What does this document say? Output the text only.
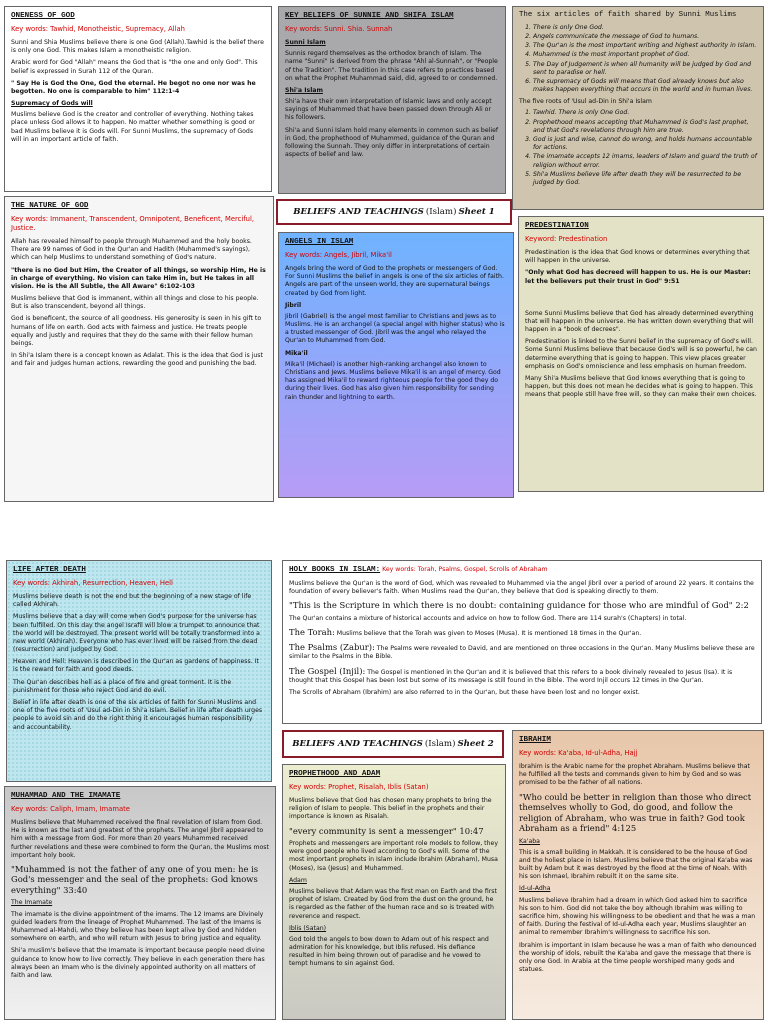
ONENESS OF GOD
Key words: Tawhid, Monotheistic, Supremacy, Allah

Sunni and Shia Muslims believe there is one God (Allah).Tawhid is the belief there is only one God. This makes Islam a monotheistic religion.

Arabic word for God "Allah" means the God that is "the one and only God". This belief is expressed in Surah 112 of the Quran.

" Say He is God the One, God the eternal. He begot no one nor was he begotten. No one is comparable to him" 112:1-4

Supremacy of Gods will

Muslims believe God is the creator and controller of everything. Nothing takes place unless God allows it to happen. No matter whether something is good or bad Muslims believe it is Gods will. For Sunni Muslims, the supremacy of Gods will in an important article of faith.

KEY BELIEFS OF SUNNIE AND SHIFA ISLAM
Key words: Sunni. Shia. Sunnah
Sunni Islam

Sunnis regard themselves as the orthodox branch of Islam. The name "Sunni" is derived from the phrase "Ahl al-Sunnah", or "People of the Tradition". The tradition in this case refers to practices based on what the Prophet Muhammad said, did, agreed to or condemned.

Shi'a Islam

Shi'a have their own interpretation of Islamic laws and only accept sayings of Muhammed that have been passed down through Ali or his followers.

Shi'a and Sunni Islam hold many elements in common such as belief in God, the prophethood of Muhammed, guidance of the Quran and following the Sunnah. They only differ in interpretations of certain aspects of belief and law.

The six articles of faith shared by Sunni Muslims
1. There is only One God.
2. Angels communicate the message of God to humans.
3. The Qur'an is the most important writing and highest authority in Islam.
4. Muhammed is the most important prophet of God.
5. The Day of Judgement is when all humanity will be judged by God and sent to paradise or hell.
6. The supremacy of Gods will means that God already knows but also makes happen everything that occurs in the world and in human lives.
The five roots of 'Usul ad-Din in Shi'a Islam
1. Tawhid. There is only One God.
2. Prophethood means accepting that Muhammed is God's last prophet, and that God's revelations through him are true.
3. God is just and wise, cannot do wrong, and holds humans accountable for actions.
4. The imamate accepts 12 imams, leaders of Islam and guard the truth of religion without error.
5. Shi'a Muslims believe life after death they will be resurrected to be judged by God.
THE NATURE OF GOD
Key words: Immanent, Transcendent, Omnipotent, Beneficent, Merciful, Justice.

Allah has revealed himself to people through Muhammed and the holy books. There are 99 names of God in the Qur'an and Hadith (Muhammed's sayings), which can help Muslims to understand something of God's nature.

"there is no God but Him, the Creator of all things, so worship Him, He is in charge of everything. No vision can take Him in, but He takes in all vision. He is the All Subtle, the All Aware" 6:102-103

Muslims believe that God is immanent, within all things and close to his people. But is also transcendent, beyond all things.

God is beneficent, the source of all goodness. His generosity is seen in his gift to humans of life on earth. God acts with fairness and justice. He treats people equally and justly and requires that they do the same with their fellow human beings.

In Shi'a Islam there is a concept known as Adalat. This is the idea that God is just and fair and judges human actions, rewarding the good and punishing the bad.

BELIEFS AND TEACHINGS (Islam) Sheet 1
ANGELS IN ISLAM
Key words: Angels, Jibril, Mika'il

Angels bring the word of God to the prophets or messengers of God. For Sunni Muslims the belief in angels is one of the six articles of faith. Angels are part of the unseen world, they are supernatural beings created by God from light.

Jibril

Jibril (Gabriel) is the angel most familiar to Christians and Jews as to Muslims. He is an archangel (a special angel with higher status) who is a trusted messenger of God. Jibril was the angel who relayed the Qur'an to Muhammed from God.

Mika'il

Mika'il (Michael) is another high-ranking archangel also known to Christians and Jews. Muslims believe Mika'il is an angel of mercy. God has assigned Mika'il to reward righteous people for the good they do during their lives. God has also given him responsibility for sending rain thunder and lightning to earth.

PREDESTINATION
Keyword: Predestination

Predestination is the idea that God knows or determines everything that will happen in the universe.

"Only what God has decreed will happen to us. He is our Master: let the believers put their trust in God" 9:51

Some Sunni Muslims believe that God has already determined everything that will happen in the universe. He has written down everything that will happen in a "book of decrees".

Predestination is linked to the Sunni belief in the supremacy of God's will. Some Sunni Muslims believe that because God's will is so powerful, he can determine everything that is going to happen. This view places greater emphasis on God's omniscience and less emphasis on human freedom.

Many Shi'a Muslims believe that God knows everything that is going to happen, but this does not mean he decides what is going to happen. This means that people still have free will, so they can make their own choices.

LIFE AFTER DEATH
Key words: Akhirah, Resurrection, Heaven, Hell

Muslims believe death is not the end but the beginning of a new stage of life called Akhirah.

Muslims believe that a day will come when God's purpose for the universe has been fulfilled. On this day the angel Israfil will blow a trumpet to announce that the world will be destroyed. The present world will be totally transformed into a new world (Akhirah). Everyone who has ever lived will be raised from the dead (resurrection) and judged by God.

Heaven and Hell: Heaven is described in the Qur'an as gardens of happiness. It is the reward for faith and good deeds.

The Qur'an describes hell as a place of fire and great torment. It is the punishment for those who reject God and do evil.

Belief in life after death is one of the six articles of faith for Sunni Muslims and one of the five roots of 'Usul ad-Din in Shi'a Islam. Belief in life after death urges people to avoid sin and do the right thing it encourages human responsibility and accountability.

HOLY BOOKS IN ISLAM: Key words: Torah, Psalms, Gospel, Scrolls of Abraham

Muslims believe the Qur'an is the word of God, which was revealed to Muhammed via the angel Jibril over a period of around 22 years. It contains the foundation of every believer's faith. When Muslims read the Qur'an, they believe that God is speaking directly to them.

"This is the Scripture in which there is no doubt: containing guidance for those who are mindful of God" 2:2

The Qur'an contains a mixture of historical accounts and advice on how to follow God. There are 114 surah's (Chapters) in total.

The Torah: Muslims believe that the Torah was given to Moses (Musa). It is mentioned 18 times in the Qur'an.

The Psalms (Zabur): The Psalms were revealed to David, and are mentioned on three occasions in the Qur'an. Many Muslims believe these are similar to the Psalms in the Bible.

The Gospel (Injil): The Gospel is mentioned in the Qur'an and it is believed that this refers to a book divinely revealed to Jesus (Isa). It is thought that this Gospel has been lost but some of its message is still found in the Bible. The word Injil occurs 12 times in the Qur'an.

The Scrolls of Abraham (Ibrahim) are also referred to in the Qur'an, but these have been lost and no longer exist.

BELIEFS AND TEACHINGS (Islam) Sheet 2
MUHAMMAD AND THE IMAMATE
Key words: Caliph, Imam, Imamate

Muslims believe that Muhammed received the final revelation of Islam from God. He is known as the last and greatest of the prophets. The angel Jibril appeared to him with a message from God. For more than 20 years Muhammed received further revelations and these were combined to form the Qur'an, the Muslims most important holy book.

"Muhammed is not the father of any one of you men: he is God's messenger and the seal of the prophets: God knows everything" 33:40

The Imamate

The imamate is the divine appointment of the imams. The 12 Imams are Divinely guided leaders from the lineage of Prophet Muhammed. The last of the Imams is Muhammed al-Mahdi, who they believe has been kept alive by God and hidden somewhere on earth, and who will return with Jesus to bring justice and equality.

Shi'a muslim's believe that the Imamate is important because people need divine guidance to know how to live correctly. They believe in each generation there has always been an Imam who is the divinely appointed authority on all matters of faith and law.

PROPHETHOOD AND ADAM
Key words: Prophet, Risalah, Iblis (Satan)

Muslims believe that God has chosen many prophets to bring the religion of Islam to people. This belief in the prophets and their importance is known as Risalah.

"every community is sent a messenger" 10:47

Prophets and messengers are important role models to follow, they were good people who lived according to God's will. Some of the most important prophets in Islam include Ibrahim (Abraham), Musa (Moses), Isa (Jesus) and Muhammed.

Adam

Muslims believe that Adam was the first man on Earth and the first prophet of Islam. Created by God from the dust on the ground, he is regarded as the father of the human race and so is treated with reverence and respect.

Iblis (Satan)

God told the angels to bow down to Adam out of his respect and admiration for his knowledge, but Iblis refused. His defiance resulted in him being thrown out of paradise and he vowed to tempt humans to sin against God.

IBRAHIM
Key words: Ka'aba, Id-ul-Adha, Hajj

Ibrahim is the Arabic name for the prophet Abraham. Muslims believe that he fulfilled all the tests and commands given to him by God and so was promised to be the father of all nations.

"Who could be better in religion than those who direct themselves wholly to God, do good, and follow the religion of Abraham, who was true in faith? God took Abraham as a friend" 4:125

Ka'aba

This is a small building in Makkah. It is considered to be the house of God and the holiest place in Islam. Muslims believe that the original Ka'aba was built by Adam but it was destroyed by the flood at the time of Noah. With his son Ishmael, Ibrahim rebuilt it on the same site.

Id-ul-Adha

Muslims believe Ibrahim had a dream in which God asked him to sacrifice his son to him. God did not take the boy although Ibrahim was willing to sacrifice him, showing his willingness to be obedient and that he was a man of faith. During the festival of Id-ul-Adha each year, Muslims slaughter an animal to remember Ibrahim's willingness to sacrifice his son.

Ibrahim is important in Islam because he was a man of faith who denounced the worship of idols, rebuilt the Ka'aba and gave the message that there is only one God. In Arabia at the time people worshiped many gods and statues.
